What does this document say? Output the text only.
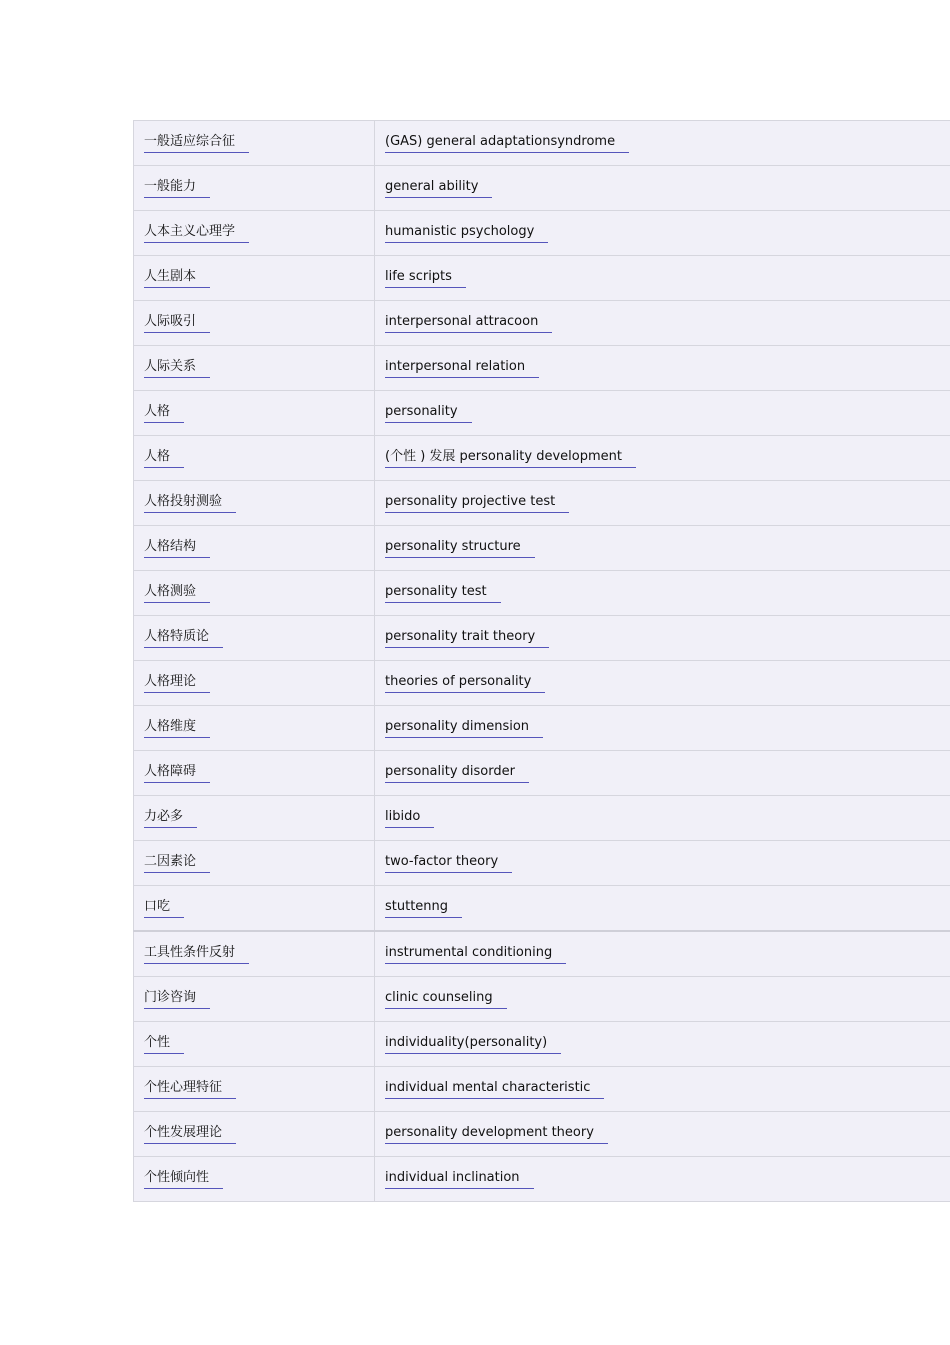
一般适应综合征	(GAS) general adaptationsyndrome
一般能力	general ability
人本主义心理学	humanistic psychology
人生剧本	life scripts
人际吸引	interpersonal attracoon
人际关系	interpersonal relation
人格	personality
人格	(个性 ) 发展 personality development
人格投射测验	personality projective test
人格结构	personality structure
人格测验	personality test
人格特质论	personality trait theory
人格理论	theories of personality
人格维度	personality dimension
人格障碍	personality disorder
力必多	libido
二因素论	two-factor theory
口吃	stuttenng
工具性条件反射	instrumental conditioning
门诊咨询	clinic counseling
个性	individuality(personality)
个性心理特征	individual mental characteristic
个性发展理论	personality development theory
个性倾向性	individual inclination
